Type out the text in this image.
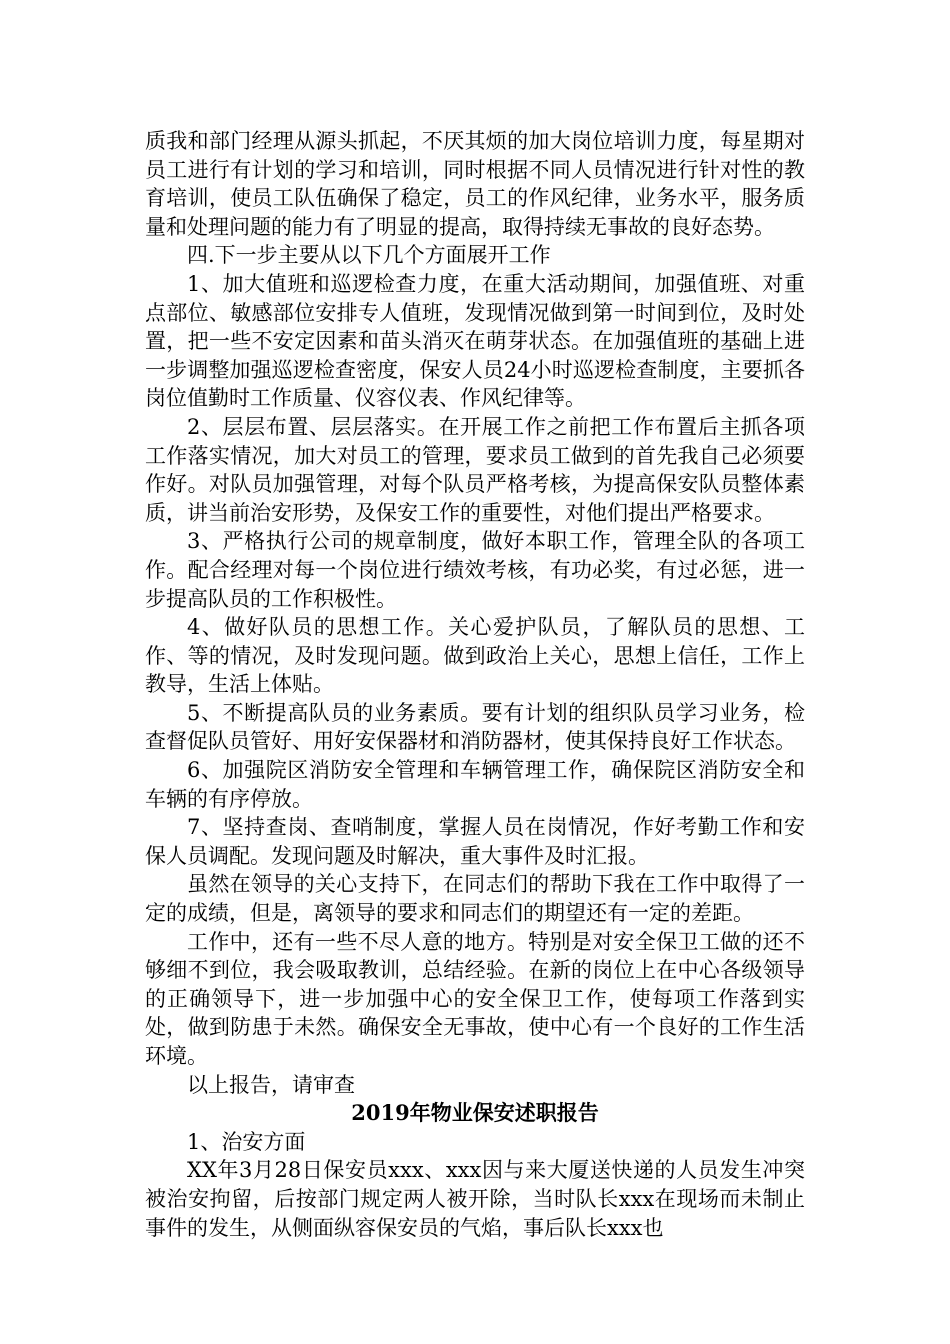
质我和部门经理从源头抓起，不厌其烦的加大岗位培训力度，每星期对员工进行有计划的学习和培训，同时根据不同人员情况进行针对性的教育培训，使员工队伍确保了稳定，员工的作风纪律，业务水平，服务质量和处理问题的能力有了明显的提高，取得持续无事故的良好态势。

四.下一步主要从以下几个方面展开工作

1、加大值班和巡逻检查力度，在重大活动期间，加强值班、对重点部位、敏感部位安排专人值班，发现情况做到第一时间到位，及时处置，把一些不安定因素和苗头消灭在萌芽状态。在加强值班的基础上进一步调整加强巡逻检查密度，保安人员24小时巡逻检查制度，主要抓各岗位值勤时工作质量、仪容仪表、作风纪律等。

2、层层布置、层层落实。在开展工作之前把工作布置后主抓各项工作落实情况，加大对员工的管理，要求员工做到的首先我自己必须要作好。对队员加强管理，对每个队员严格考核，为提高保安队员整体素质，讲当前治安形势，及保安工作的重要性，对他们提出严格要求。

3、严格执行公司的规章制度，做好本职工作，管理全队的各项工作。配合经理对每一个岗位进行绩效考核，有功必奖，有过必惩，进一步提高队员的工作积极性。

4、做好队员的思想工作。关心爱护队员，了解队员的思想、工作、等的情况，及时发现问题。做到政治上关心，思想上信任，工作上教导，生活上体贴。

5、不断提高队员的业务素质。要有计划的组织队员学习业务，检查督促队员管好、用好安保器材和消防器材，使其保持良好工作状态。

6、加强院区消防安全管理和车辆管理工作，确保院区消防安全和车辆的有序停放。

7、坚持查岗、查哨制度，掌握人员在岗情况，作好考勤工作和安保人员调配。发现问题及时解决，重大事件及时汇报。

虽然在领导的关心支持下，在同志们的帮助下我在工作中取得了一定的成绩，但是，离领导的要求和同志们的期望还有一定的差距。

工作中，还有一些不尽人意的地方。特别是对安全保卫工做的还不够细不到位，我会吸取教训，总结经验。在新的岗位上在中心各级领导的正确领导下，进一步加强中心的安全保卫工作，使每项工作落到实处，做到防患于未然。确保安全无事故，使中心有一个良好的工作生活环境。

以上报告，请审查

2019年物业保安述职报告

1、治安方面

XX年3月28日保安员xxx、xxx因与来大厦送快递的人员发生冲突被治安拘留，后按部门规定两人被开除，当时队长xxx在现场而未制止事件的发生，从侧面纵容保安员的气焰，事后队长xxx也
